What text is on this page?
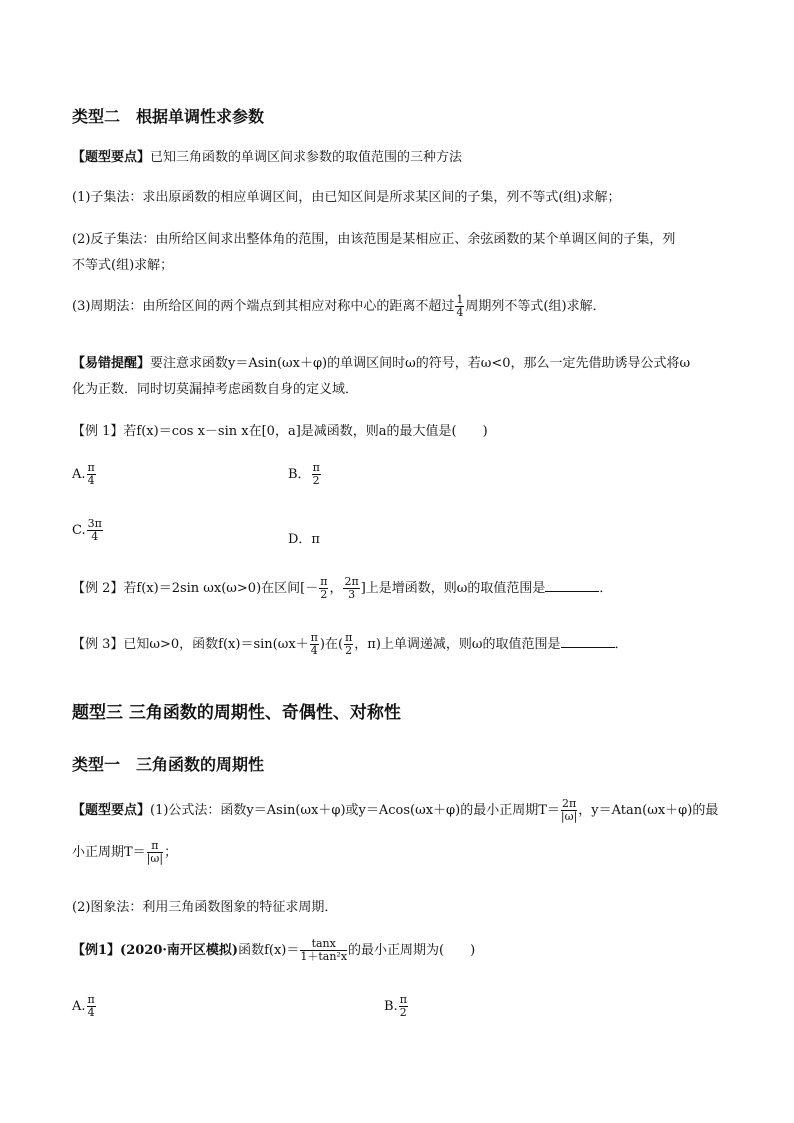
类型二　根据单调性求参数
【题型要点】已知三角函数的单调区间求参数的取值范围的三种方法
(1)子集法：求出原函数的相应单调区间，由已知区间是所求某区间的子集，列不等式(组)求解；
(2)反子集法：由所给区间求出整体角的范围，由该范围是某相应正、余弦函数的某个单调区间的子集，列
不等式(组)求解；
(3)周期法：由所给区间的两个端点到其相应对称中心的距离不超过 $\frac{1}{4}$ 周期列不等式(组)求解．
【易错提醒】要注意求函数y＝Asin(ωx＋φ)的单调区间时ω的符号，若ω<0，那么一定先借助诱导公式将ω
化为正数．同时切莫漏掉考虑函数自身的定义域．
【例 1】若f(x)＝cos x－sin x在[0，a]是减函数，则a的最大值是(　　)
A. $\frac{\pi}{4}$	B． $\frac{\pi}{2}$
C. $\frac{3\pi}{4}$	D．π
【例 2】若f(x)＝2sin ωx(ω>0)在区间[－ $\frac{\pi}{2}$ ， $\frac{2\pi}{3}$ ]上是增函数，则ω的取值范围是	．
【例 3】已知ω>0，函数$f(x)=\sin(\omega x+ \frac{\pi}{4}$ )在( $\frac{\pi}{2}$ ，π)上单调递减，则ω的取值范围是	．
题型三 三角函数的周期性、奇偶性、对称性
类型一　三角函数的周期性
【题型要点】(1)公式法：函数y＝Asin(ωx＋φ)或y＝Acos(ωx＋φ)的最小正周期$T= \frac{2\pi}{|\omega|}$ ，y＝Atan(ωx＋φ)的最
小正周期$T= \frac{\pi}{|\omega|}$ ；
(2)图象法：利用三角函数图象的特征求周期．
【例1】(2020·南开区模拟)函数$f(x)= \frac{\tan x}{\text{1＋tan²x}}$ 的最小正周期为(　　)
A. $\frac{\pi}{4}$	B. $\frac{\pi}{2}$
